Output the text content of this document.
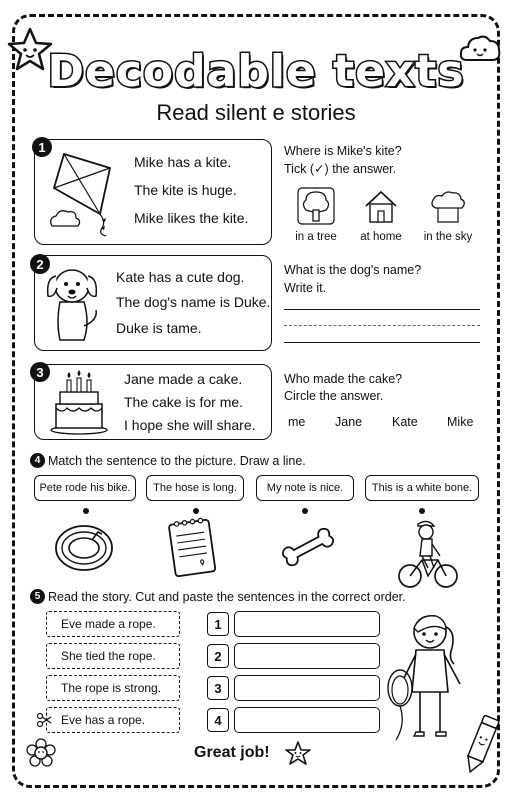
Decodable texts
Read silent e stories
1
Mike has a kite.
The kite is huge.
Mike likes the kite.
Where is Mike's kite?
Tick (✓) the answer.
in a tree	at home	in the sky
2
Kate has a cute dog.
The dog's name is Duke.
Duke is tame.
What is the dog's name?
Write it.
3	Jane made a cake.
The cake is for me.
I hope she will share.
Who made the cake?
Circle the answer.
me Jane Kate Mike
4 Match the sentence to the picture. Draw a line.
Pete rode his bike.	The hose is long.	My note is nice.	This is a white bone.
5 Read the story. Cut and paste the sentences in the correct order.
Eve made a rope.
She tied the rope.
The rope is strong.
Eve has a rope.
1
2
3
4
Great job!
